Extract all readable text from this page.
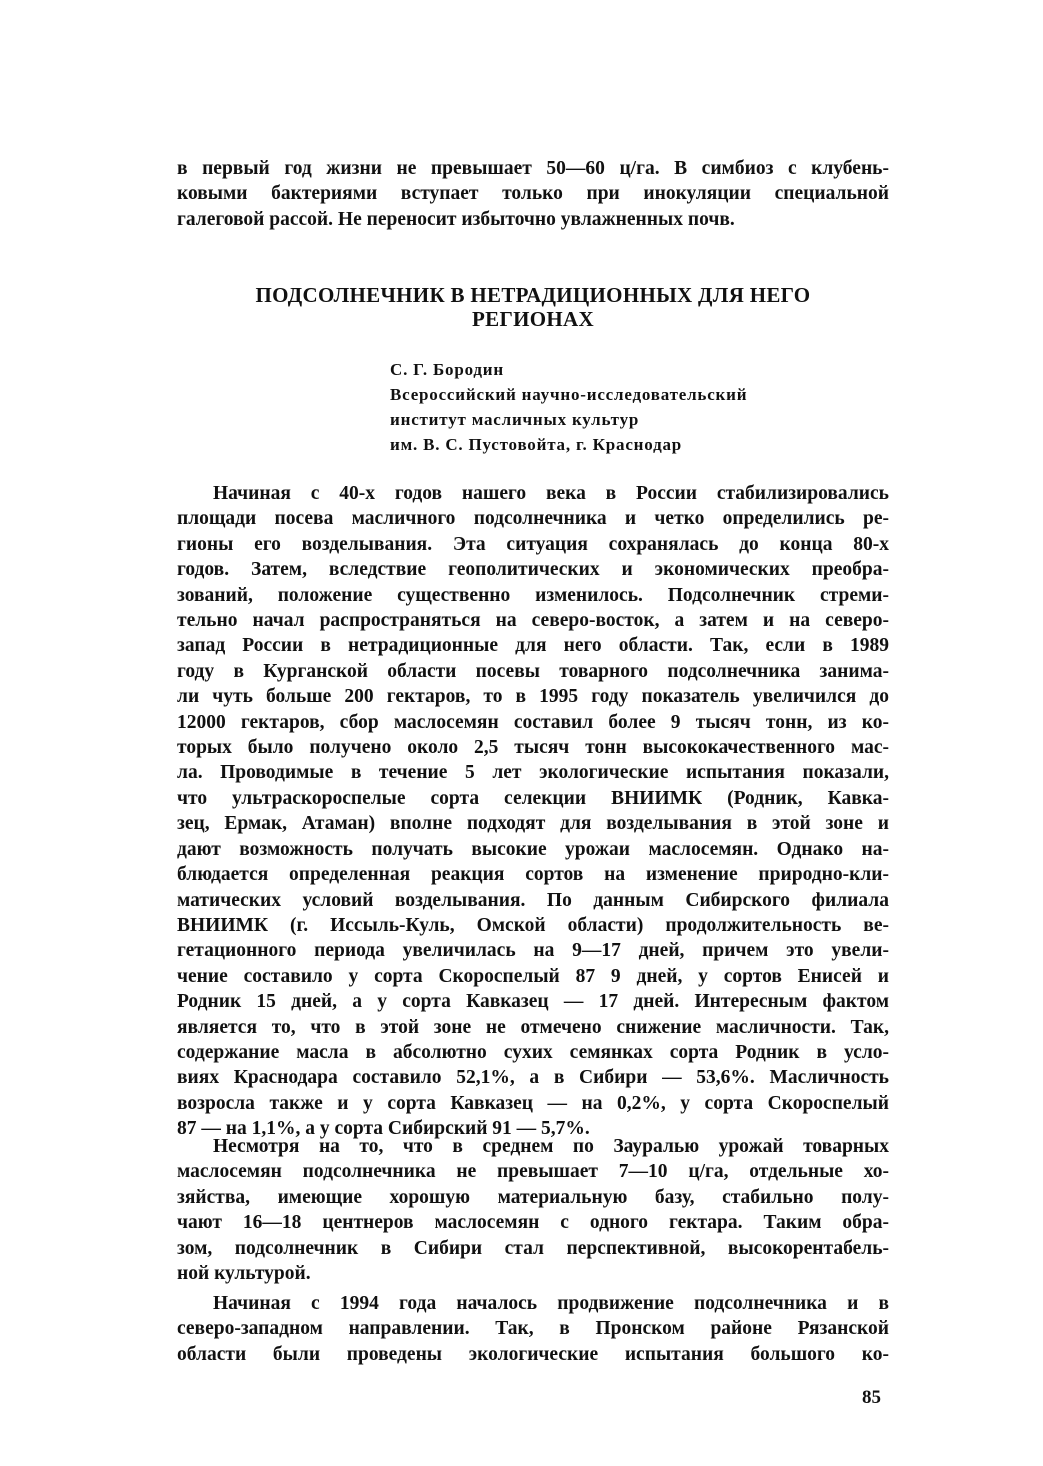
в первый год жизни не превышает 50—60 ц/га. В симбиоз с клубень-
ковыми бактериями вступает только при инокуляции специальной
галеговой рассой. Не переносит избыточно увлажненных почв.
ПОДСОЛНЕЧНИК В НЕТРАДИЦИОННЫХ ДЛЯ НЕГО
РЕГИОНАХ
С. Г. Бородин
Всероссийский научно-исследовательский
институт масличных культур
им. В. С. Пустовойта, г. Краснодар
Начиная с 40-х годов нашего века в России стабилизировались
площади посева масличного подсолнечника и четко определились ре-
гионы его возделывания. Эта ситуация сохранялась до конца 80-х
годов. Затем, вследствие геополитических и экономических преобра-
зований, положение существенно изменилось. Подсолнечник стреми-
тельно начал распространяться на северо-восток, а затем и на северо-
запад России в нетрадиционные для него области. Так, если в 1989
году в Курганской области посевы товарного подсолнечника занима-
ли чуть больше 200 гектаров, то в 1995 году показатель увеличился до
12000 гектаров, сбор маслосемян составил более 9 тысяч тонн, из ко-
торых было получено около 2,5 тысяч тонн высококачественного мас-
ла. Проводимые в течение 5 лет экологические испытания показали,
что ультраскороспелые сорта селекции ВНИИМК (Родник, Кавка-
зец, Ермак, Атаман) вполне подходят для возделывания в этой зоне и
дают возможность получать высокие урожаи маслосемян. Однако на-
блюдается определенная реакция сортов на изменение природно-кли-
матических условий возделывания. По данным Сибирского филиала
ВНИИМК (г. Иссыль-Куль, Омской области) продолжительность ве-
гетационного периода увеличилась на 9—17 дней, причем это увели-
чение составило у сорта Скороспелый 87 9 дней, у сортов Енисей и
Родник 15 дней, а у сорта Кавказец — 17 дней. Интересным фактом
является то, что в этой зоне не отмечено снижение масличности. Так,
содержание масла в абсолютно сухих семянках сорта Родник в усло-
виях Краснодара составило 52,1%, а в Сибири — 53,6%. Масличность
возросла также и у сорта Кавказец — на 0,2%, у сорта Скороспелый
87 — на 1,1%, а у сорта Сибирский 91 — 5,7%.
Несмотря на то, что в среднем по Зауралью урожай товарных
маслосемян подсолнечника не превышает 7—10 ц/га, отдельные хо-
зяйства, имеющие хорошую материальную базу, стабильно полу-
чают 16—18 центнеров маслосемян с одного гектара. Таким обра-
зом, подсолнечник в Сибири стал перспективной, высокорентабель-
ной культурой.
Начиная с 1994 года началось продвижение подсолнечника и в
северо-западном направлении. Так, в Пронском районе Рязанской
области были проведены экологические испытания большого ко-
85
